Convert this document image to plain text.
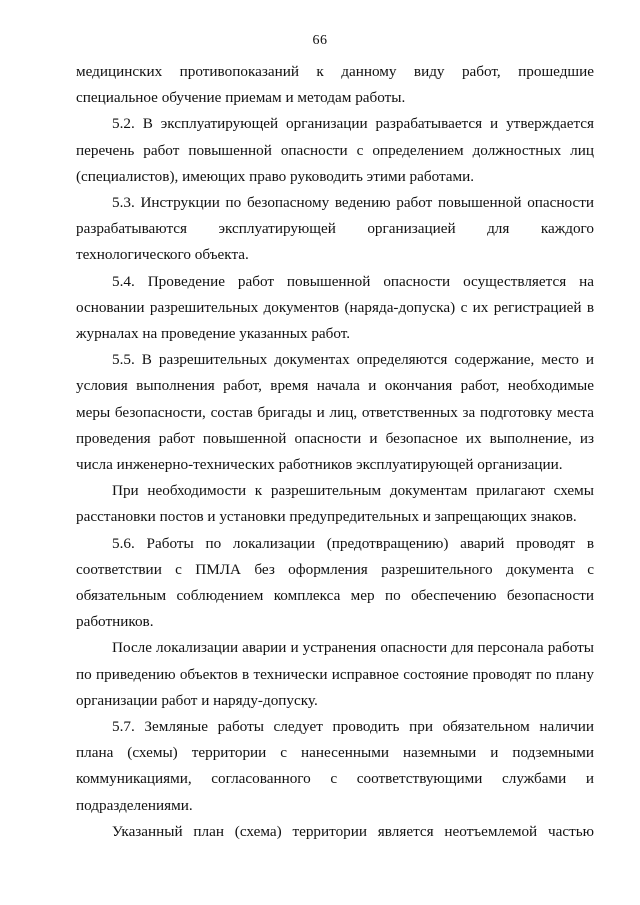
66

медицинских противопоказаний к данному виду работ, прошедшие специальное обучение приемам и методам работы.

5.2. В эксплуатирующей организации разрабатывается и утверждается перечень работ повышенной опасности с определением должностных лиц (специалистов), имеющих право руководить этими работами.

5.3. Инструкции по безопасному ведению работ повышенной опасности разрабатываются эксплуатирующей организацией для каждого технологического объекта.

5.4. Проведение работ повышенной опасности осуществляется на основании разрешительных документов (наряда-допуска) с их регистрацией в журналах на проведение указанных работ.

5.5. В разрешительных документах определяются содержание, место и условия выполнения работ, время начала и окончания работ, необходимые меры безопасности, состав бригады и лиц, ответственных за подготовку места проведения работ повышенной опасности и безопасное их выполнение, из числа инженерно-технических работников эксплуатирующей организации.

При необходимости к разрешительным документам прилагают схемы расстановки постов и установки предупредительных и запрещающих знаков.

5.6. Работы по локализации (предотвращению) аварий проводят в соответствии с ПМЛА без оформления разрешительного документа с обязательным соблюдением комплекса мер по обеспечению безопасности работников.

После локализации аварии и устранения опасности для персонала работы по приведению объектов в технически исправное состояние проводят по плану организации работ и наряду-допуску.

5.7. Земляные работы следует проводить при обязательном наличии плана (схемы) территории с нанесенными наземными и подземными коммуникациями, согласованного с соответствующими службами и подразделениями.

Указанный план (схема) территории является неотъемлемой частью
